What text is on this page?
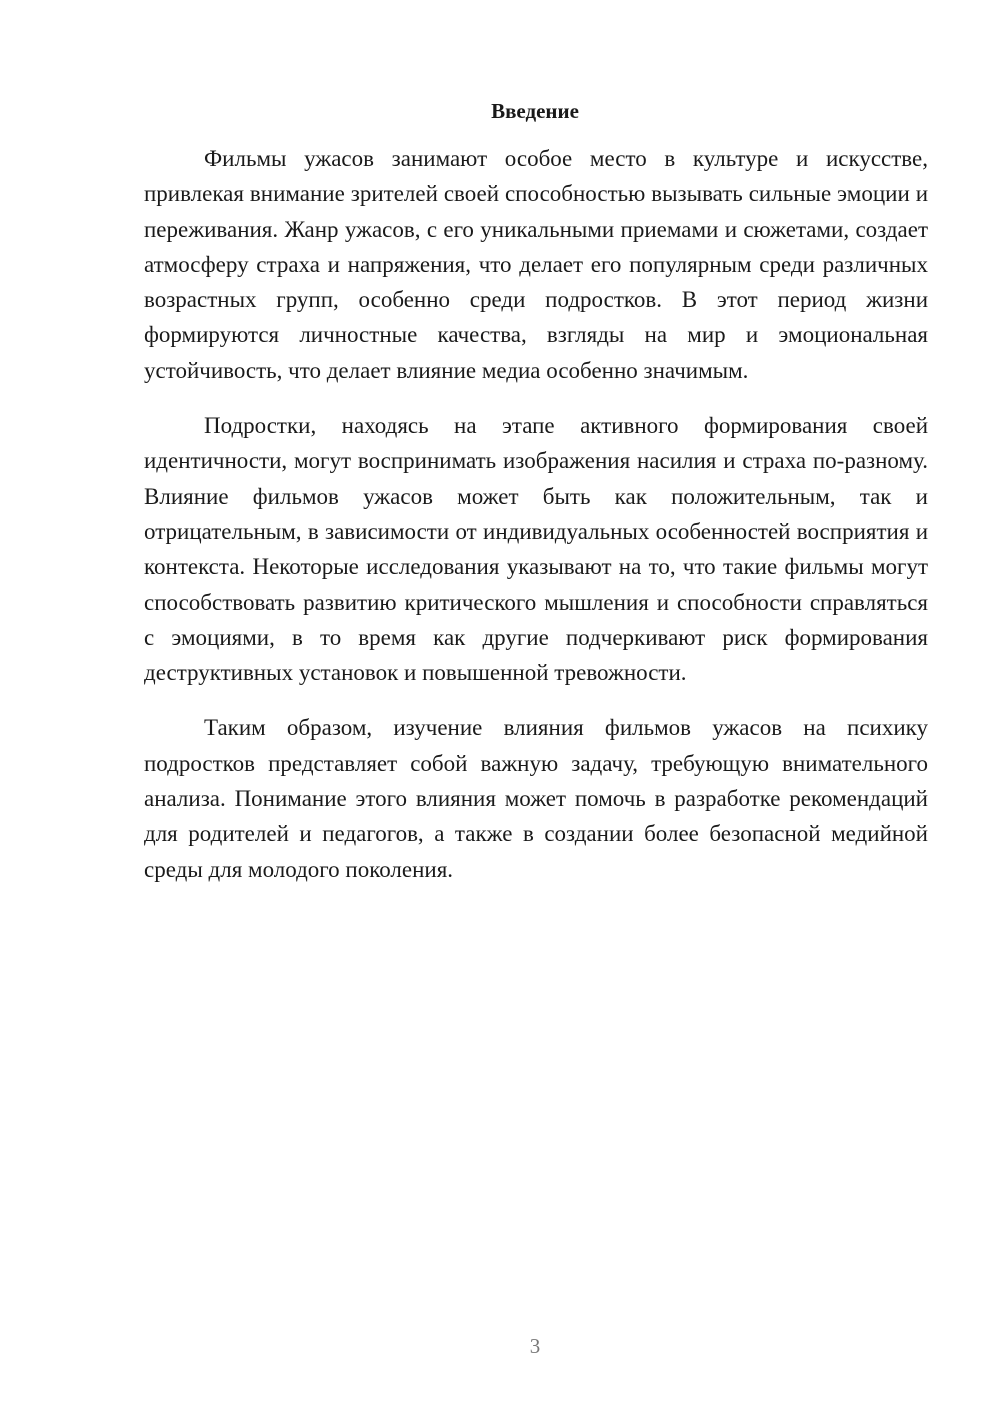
Введение

Фильмы ужасов занимают особое место в культуре и искусстве, привлекая внимание зрителей своей способностью вызывать сильные эмоции и переживания. Жанр ужасов, с его уникальными приемами и сюжетами, создает атмосферу страха и напряжения, что делает его популярным среди различных возрастных групп, особенно среди подростков. В этот период жизни формируются личностные качества, взгляды на мир и эмоциональная устойчивость, что делает влияние медиа особенно значимым.

Подростки, находясь на этапе активного формирования своей идентичности, могут воспринимать изображения насилия и страха по-разному. Влияние фильмов ужасов может быть как положительным, так и отрицательным, в зависимости от индивидуальных особенностей восприятия и контекста. Некоторые исследования указывают на то, что такие фильмы могут способствовать развитию критического мышления и способности справляться с эмоциями, в то время как другие подчеркивают риск формирования деструктивных установок и повышенной тревожности.

Таким образом, изучение влияния фильмов ужасов на психику подростков представляет собой важную задачу, требующую внимательного анализа. Понимание этого влияния может помочь в разработке рекомендаций для родителей и педагогов, а также в создании более безопасной медийной среды для молодого поколения.

3
